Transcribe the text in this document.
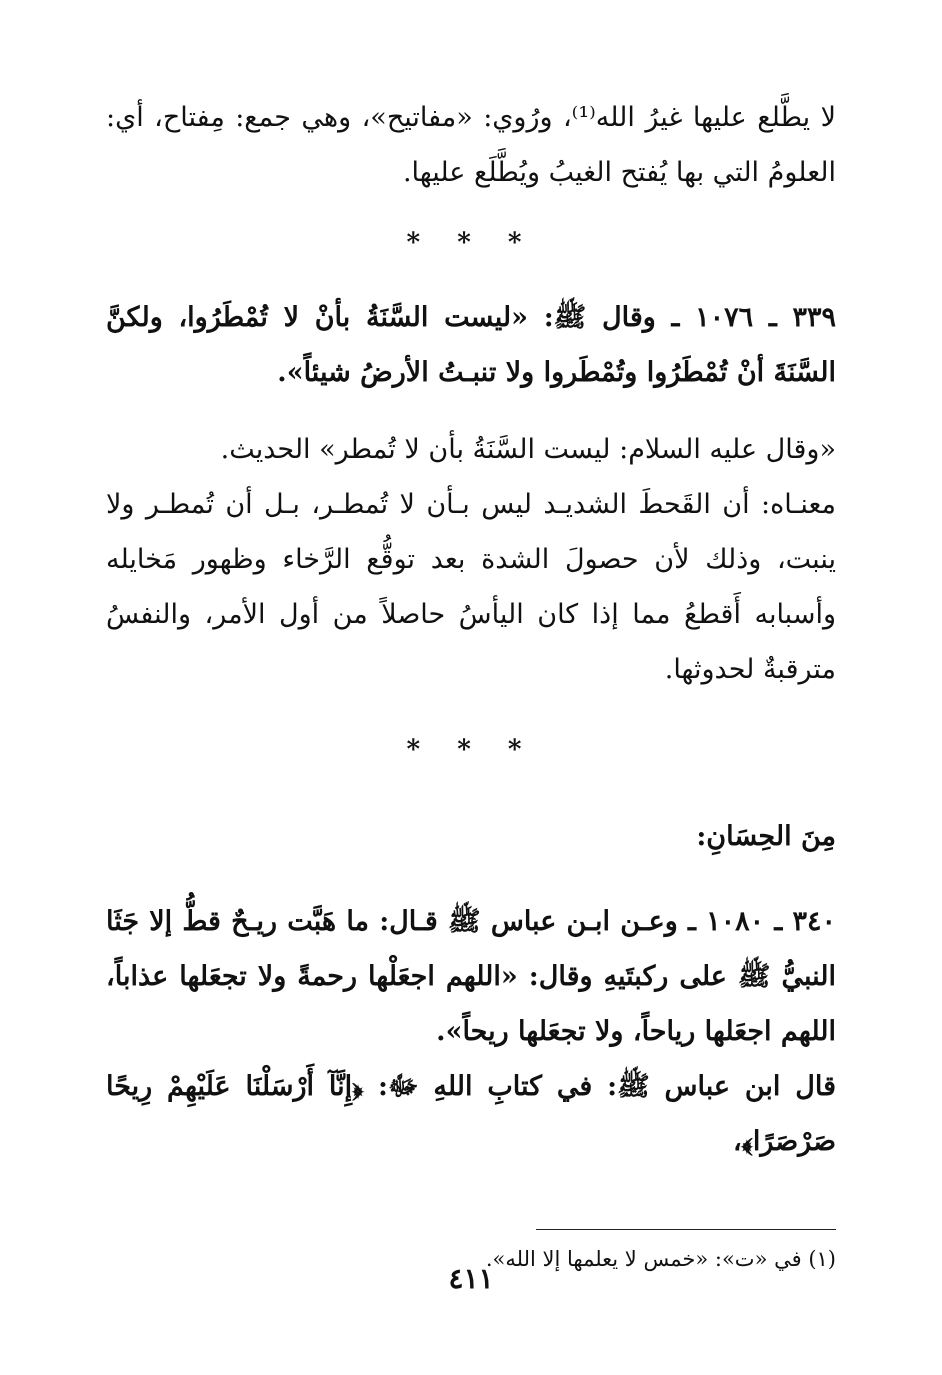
لا يطَّلع عليها غيرُ الله⁽¹⁾، ورُوي: «مفاتيح»، وهي جمع: مِفتاح، أي: العلومُ التي بها يُفتح الغيبُ ويُطَّلَع عليها.

* * *

٣٣٩ ـ ١٠٧٦ ـ وقال ﷺ: «ليست السَّنَةُ بأنْ لا تُمْطَرُوا، ولكنَّ السَّنَةَ أنْ تُمْطَرُوا وتُمْطَروا ولا تنبـتُ الأرضُ شيئاً».

«وقال عليه السلام: ليست السَّنَةُ بأن لا تُمطر» الحديث.

معنـاه: أن القَحطَ الشديـد ليس بـأن لا تُمطـر، بـل أن تُمطـر ولا ينبت، وذلك لأن حصولَ الشدة بعد توقُّع الرَّخاء وظهور مَخايله وأسبابه أَقطعُ مما إذا كان اليأسُ حاصلاً من أول الأمر، والنفسُ مترقبةٌ لحدوثها.

* * *

مِنَ الحِسَانِ:

٣٤٠ ـ ١٠٨٠ ـ وعـن ابـن عباس ﷺ قـال: ما هَبَّت ريـحٌ قطُّ إلا جَثَا النبيُّ ﷺ على ركبتَيهِ وقال: «اللهم اجعَلْها رحمةً ولا تجعَلها عذاباً، اللهم اجعَلها رياحاً، ولا تجعَلها ريحاً».

قال ابن عباس ﷺ: في كتابِ اللهِ ﷻ: ﴿إِنَّآ أَرْسَلْنَا عَلَيْهِمْ رِيحًا صَرْصَرًا﴾،

(١) في «ت»: «خمس لا يعلمها إلا الله».

٤١١
